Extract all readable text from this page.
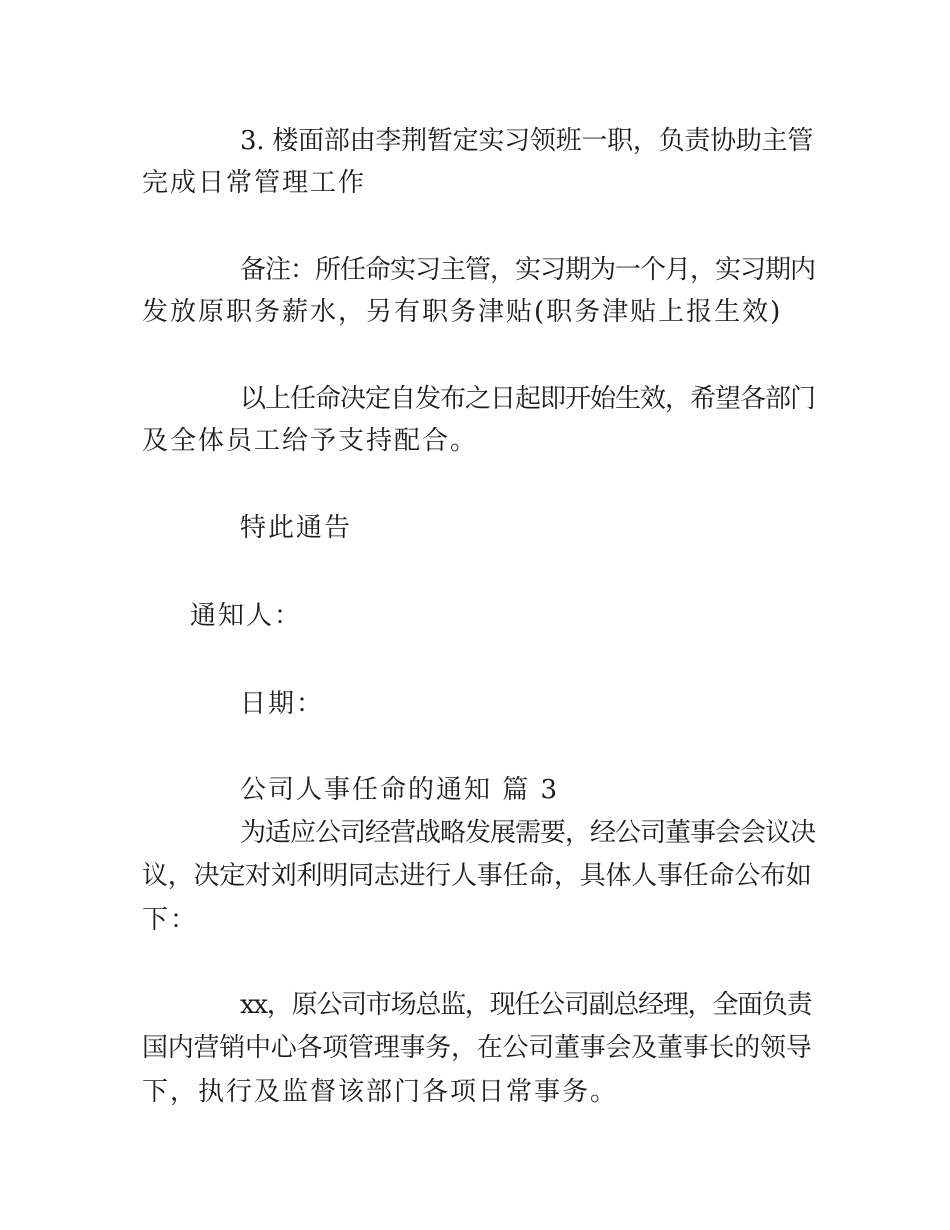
3. 楼面部由李荆暂定实习领班一职，负责协助主管
完成日常管理工作
备注：所任命实习主管，实习期为一个月，实习期内
发放原职务薪水，另有职务津贴(职务津贴上报生效)
以上任命决定自发布之日起即开始生效，希望各部门
及全体员工给予支持配合。
特此通告
通知人：
日期：
公司人事任命的通知 篇 3
为适应公司经营战略发展需要，经公司董事会会议决
议，决定对刘利明同志进行人事任命，具体人事任命公布如
下：
xx，原公司市场总监，现任公司副总经理，全面负责
国内营销中心各项管理事务，在公司董事会及董事长的领导
下，执行及监督该部门各项日常事务。
